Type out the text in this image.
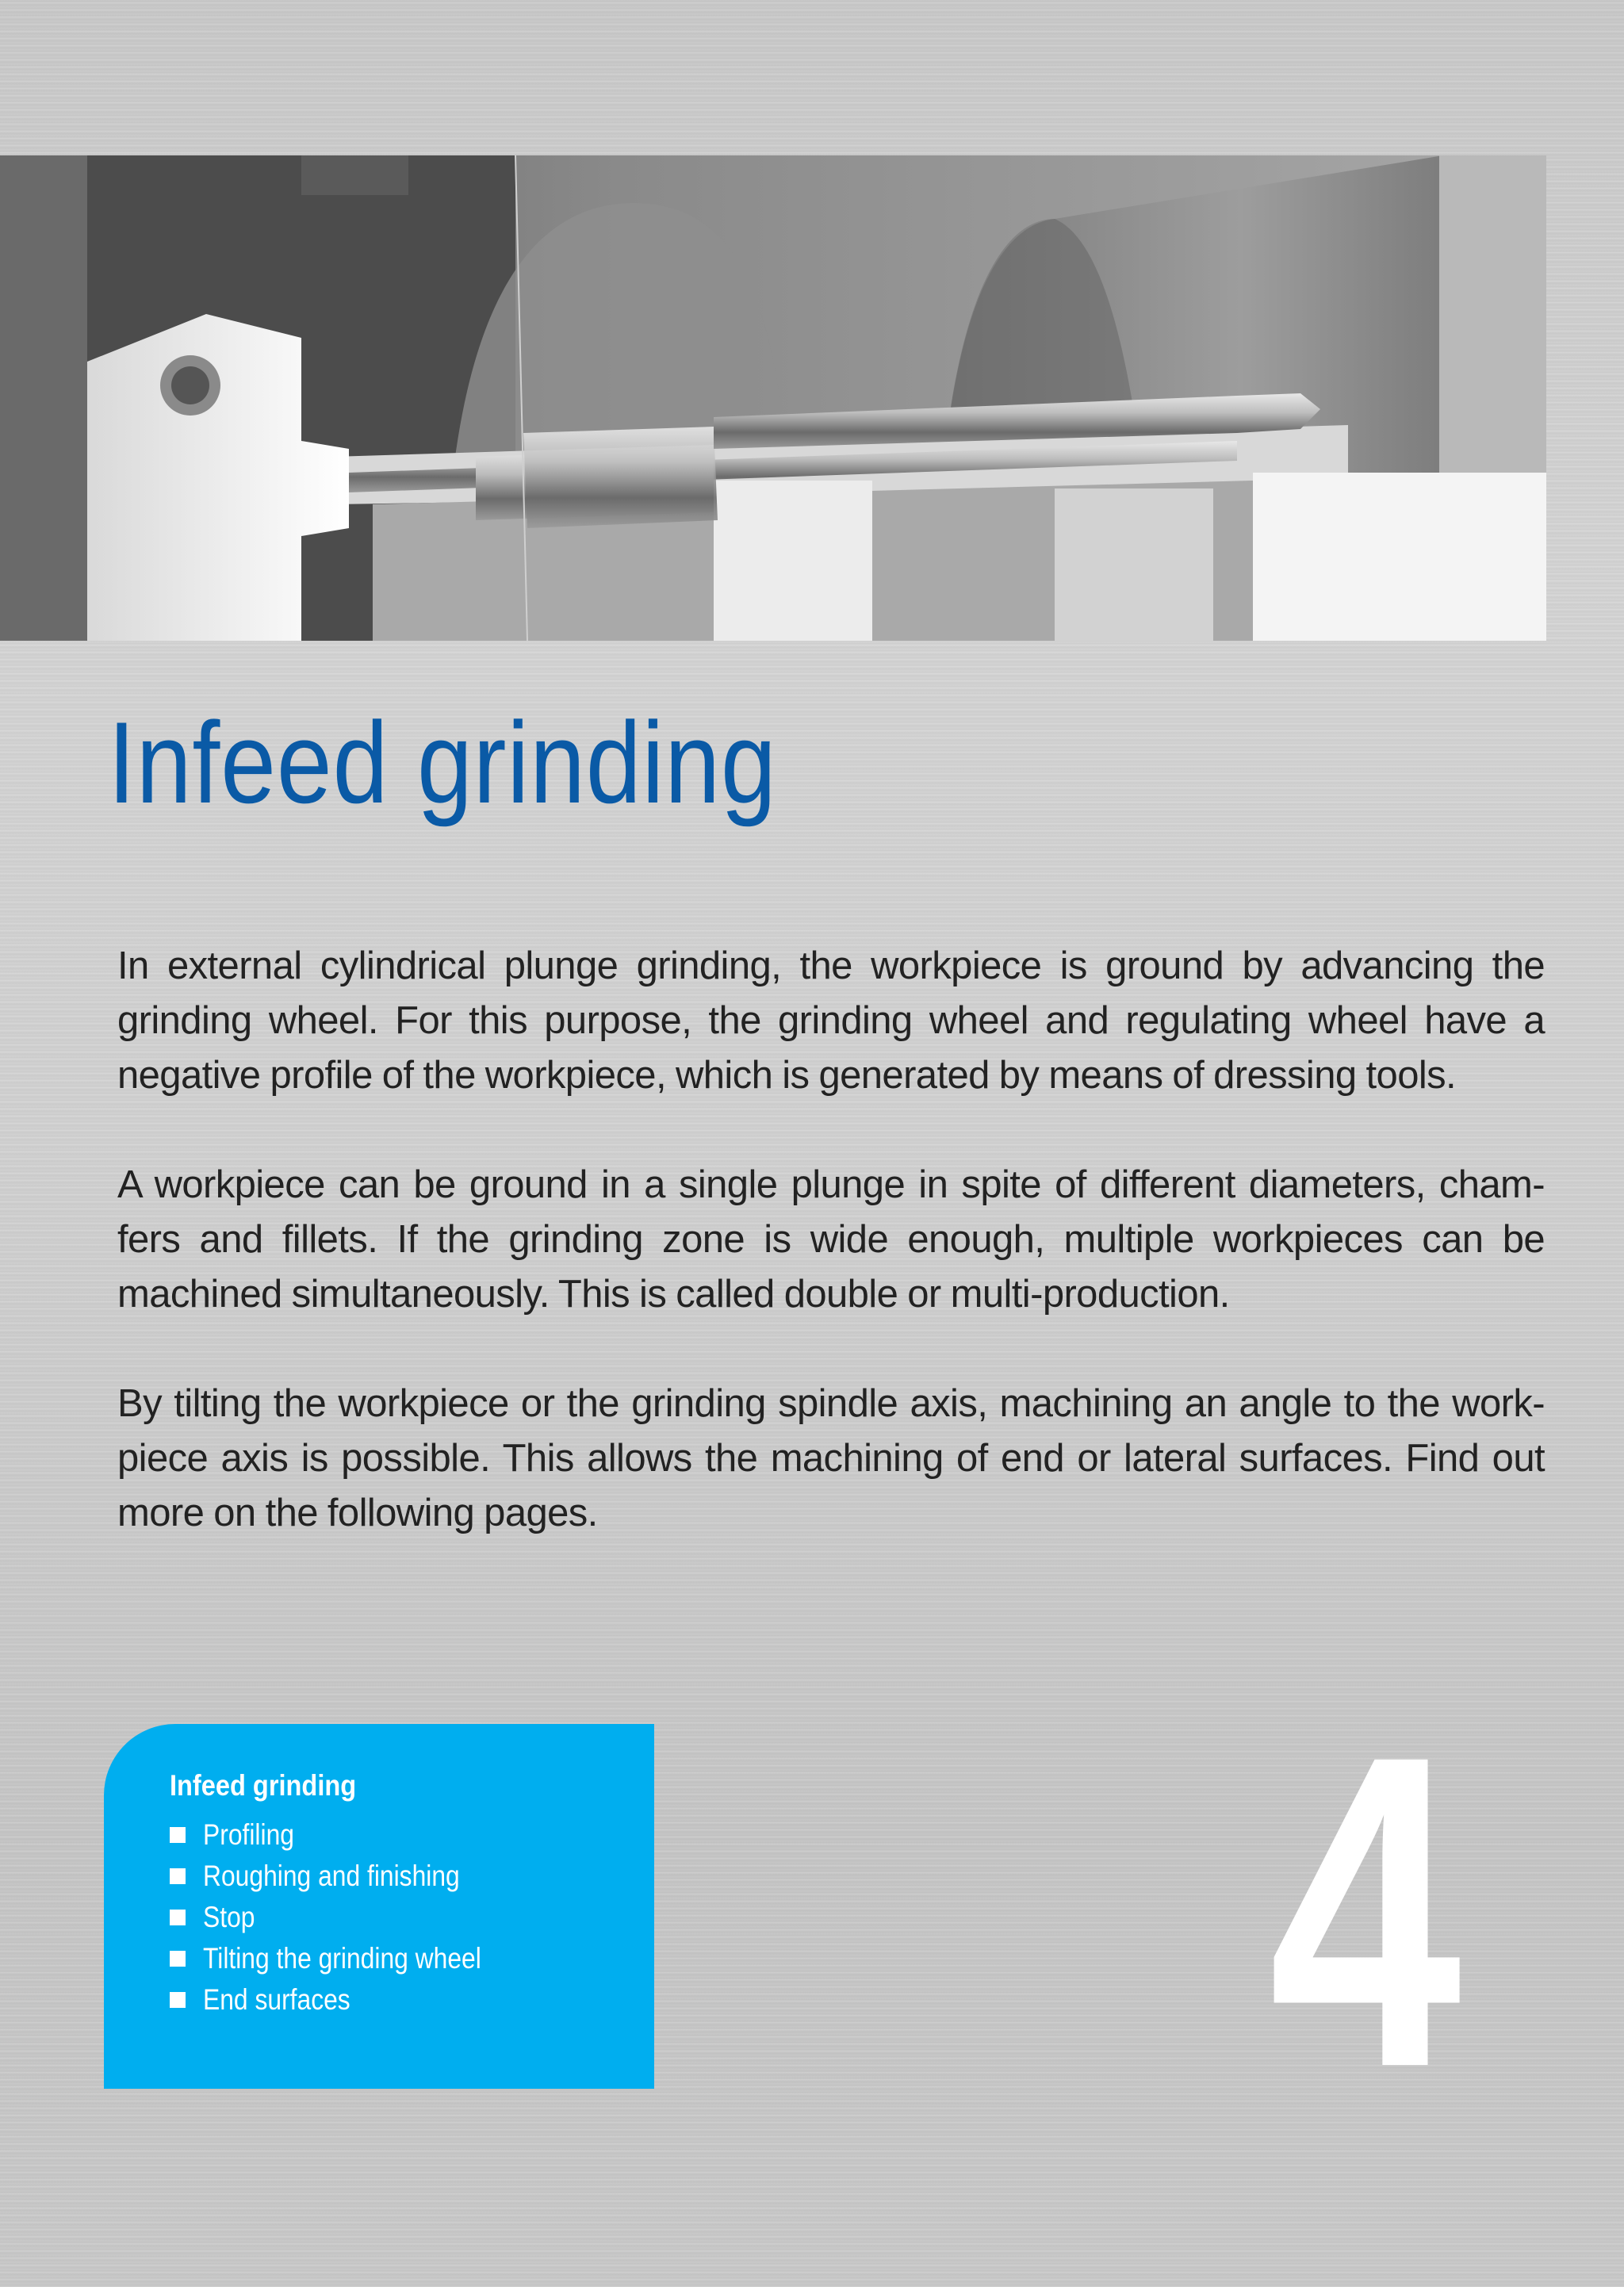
Infeed grinding

In external cylindrical plunge grinding, the workpiece is ground by advancing the grinding wheel. For this purpose, the grinding wheel and regulating wheel have a negative profile of the workpiece, which is generated by means of dressing tools.

A workpiece can be ground in a single plunge in spite of different diameters, cham-fers and fillets. If the grinding zone is wide enough, multiple workpieces can be machined simultaneously. This is called double or multi-production.

By tilting the workpiece or the grinding spindle axis, machining an angle to the work-piece axis is possible. This allows the machining of end or lateral surfaces. Find out more on the following pages.

Infeed grinding
Profiling
Roughing and finishing
Stop
Tilting the grinding wheel
End surfaces 4
